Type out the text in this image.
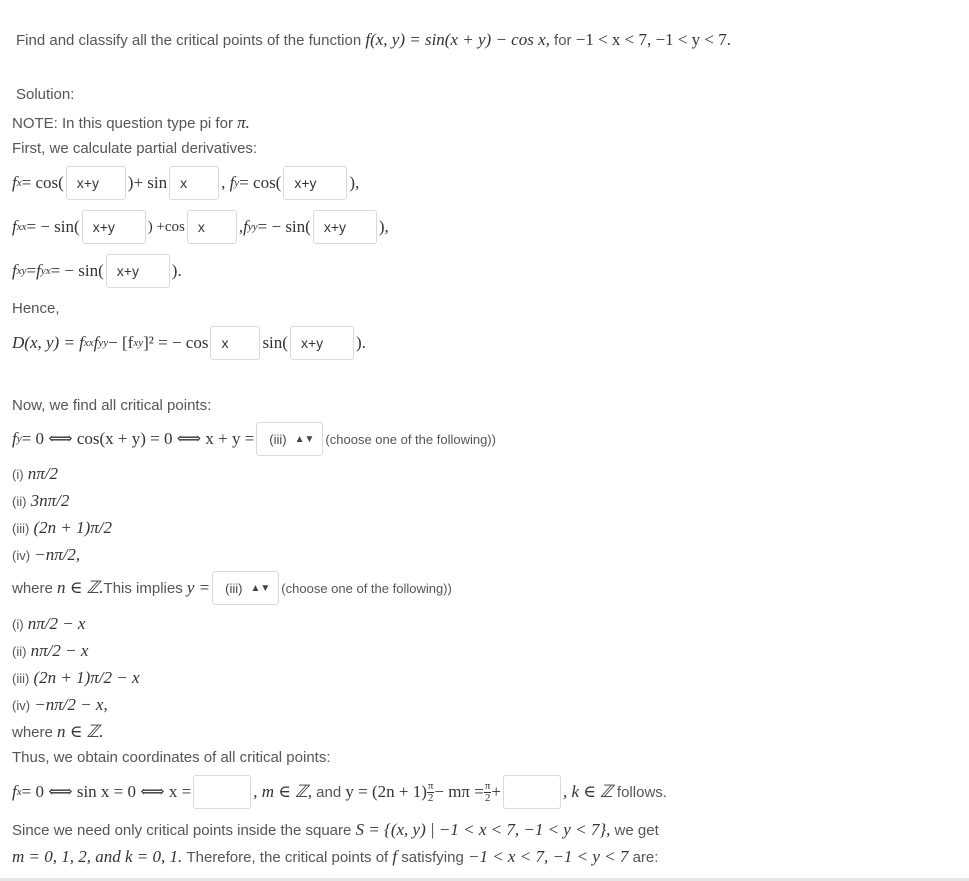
Find and classify all the critical points of the function
f(x, y) = sin(x + y) − cos x,
for
−1 < x < 7, −1 < y < 7.
Solution:
NOTE: In this question type pi for
π.
First, we calculate partial derivatives:
f x = cos( x+y	)+ sin x	,
f y = cos( x+y	),
f xx = − sin( x+y	) +cos x	, f yy = − sin( x+y	),
f xy = f yx = − sin( x+y	).
Hence,
D(x, y) = f xx f yy − [f xy ]² = − cos x	sin( x+y	).
Now, we find all critical points:
f y = 0 ⟺ cos(x + y) = 0 ⟺ x + y = (iii) ▲▼ (choose one of the following))
(i)
nπ/2
(ii)
3nπ/2
(iii)
(2n + 1)π/2
(iv)
−nπ/2,
where
n ∈ ℤ. This implies
y = (iii) ▲▼ (choose one of the following))
(i)
nπ/2 − x
(ii)
nπ/2 − x
(iii)
(2n + 1)π/2 − x
(iv)
−nπ/2 − x,
where
n ∈ ℤ.
Thus, we obtain coordinates of all critical points:
f x = 0 ⟺ sin x = 0 ⟺ x =	, m ∈ ℤ,
and
$y = (2n + 1) \frac{\pi}{2} - m\pi = \frac{\pi}{2}$ +	, k ∈ ℤ
follows.
Since we need only critical points inside the square
S = {(x, y) | −1 < x < 7, −1 < y < 7},
we get
m = 0, 1, 2, and k = 0, 1.
Therefore, the critical points of
f
satisfying
−1 < x < 7, −1 < y < 7
are:
